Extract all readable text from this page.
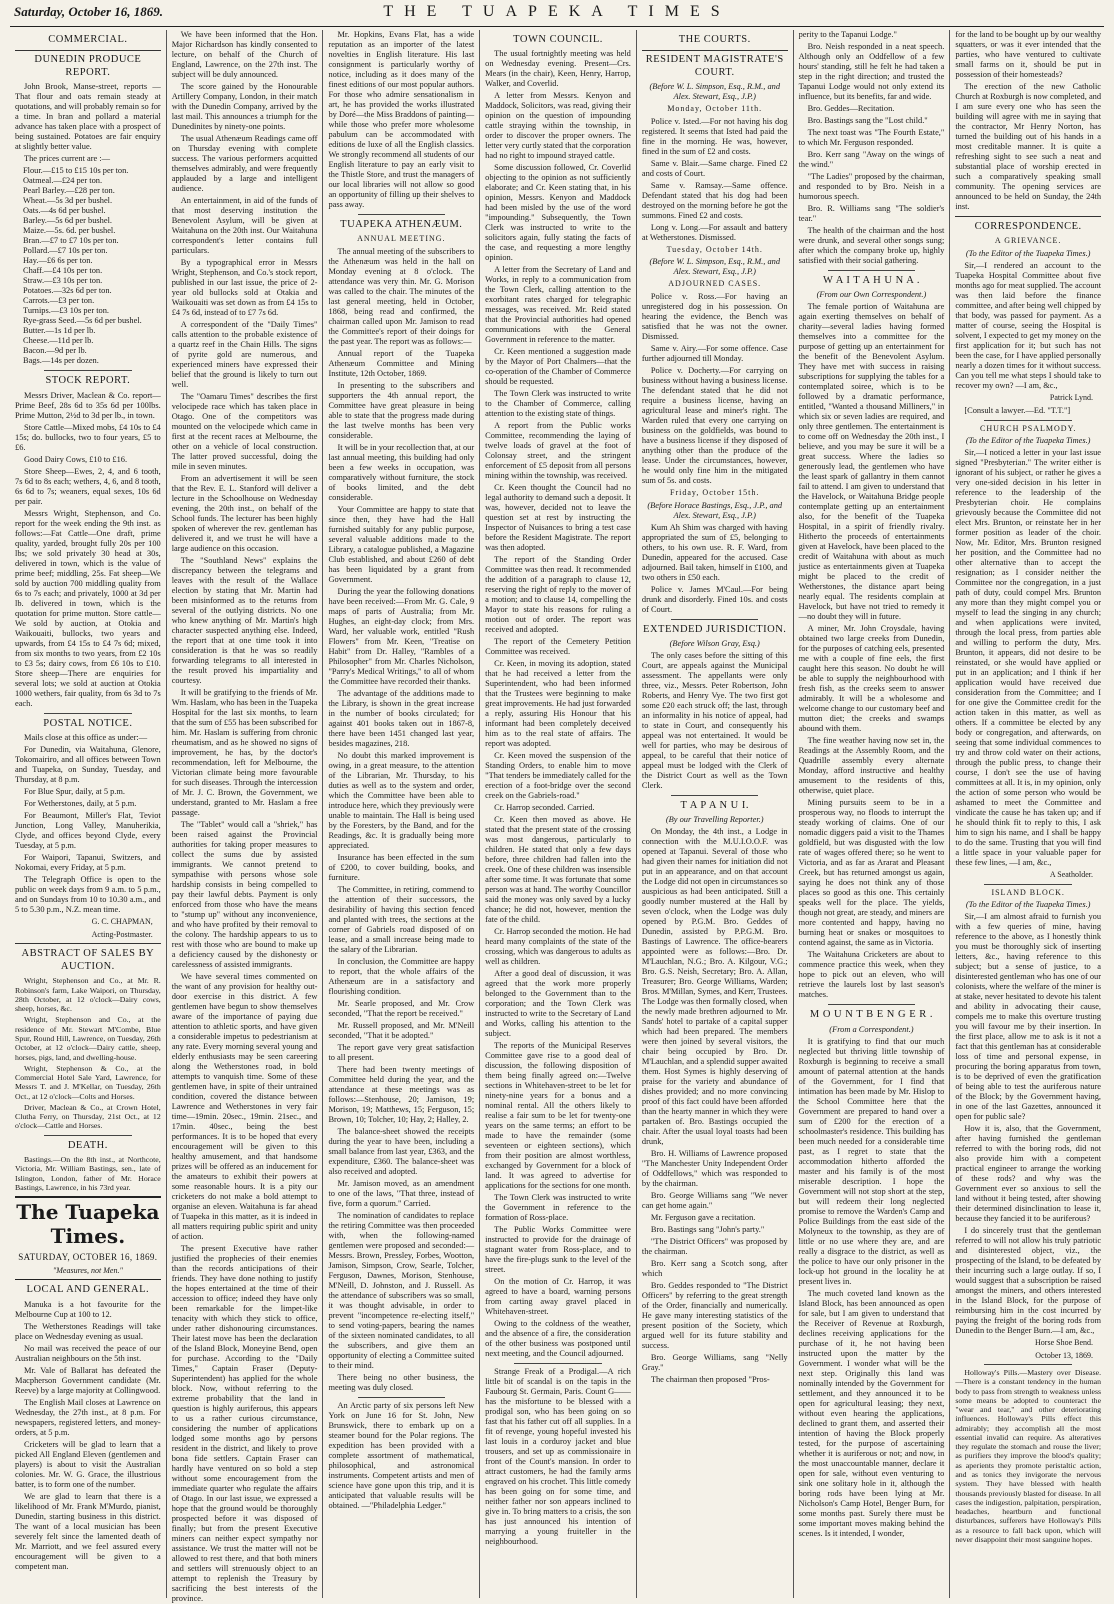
Saturday, October 16, 1869.	THE TUAPEKA TIMES
COMMERCIAL.
DUNEDIN PRODUCE REPORT.

John Brook, Manse-street, reports — That flour and oats remain steady at quotations, and will probably remain so for a time. In bran and pollard a material advance has taken place with a prospect of being sustained. Potatoes are fair enquiry at slightly better value.

The prices current are :—

Flour.—£15 to £15 10s per ton.

Oatmeal.—£24 per ton.

Pearl Barley.—£28 per ton.

Wheat.—5s 3d per bushel.

Oats.—4s 6d per bushel.

Barley.—5s 6d per bushel.

Maize.—5s. 6d. per bushel.

Bran.—£7 to £7 10s per ton.

Pollard.—£7 10s per ton.

Hay.—£6 6s per ton.

Chaff.—£4 10s per ton.

Straw.—£3 10s per ton.

Potatoes.—32s 6d per ton.

Carrots.—£3 per ton.

Turnips.—£3 10s per ton.

Rye-grass Seed.—5s 6d per bushel.

Butter.—1s 1d per lb.

Cheese.—11d per lb.

Bacon.—9d per lb.

Bags.—14s per dozen.

STOCK REPORT.

Messrs Driver, Maclean & Co. report—Prime Beef, 28s 6d to 35s 6d per 100lbs. Prime Mutton, 2½d to 3d per lb., in town.

Store Cattle—Mixed mobs, £4 10s to £4 15s; do. bullocks, two to four years, £5 to £6.

Good Dairy Cows, £10 to £16.

Store Sheep—Ewes, 2, 4, and 6 tooth, 7s 6d to 8s each; wethers, 4, 6, and 8 tooth, 6s 6d to 7s; weaners, equal sexes, 10s 6d per pair.

Messrs Wright, Stephenson, and Co. report for the week ending the 9th inst. as follows:—Fat Cattle—One draft, prime quality, yarded, brought fully 20s per 100 lbs; we sold privately 30 head at 30s, delivered in town, which is the value of prime beef; middling, 25s. Fat sheep—We sold by auction 700 middling quality from 6s to 7s each; and privately, 1000 at 3d per lb. delivered in town, which is the quotation for prime mutton. Store cattle—We sold by auction, at Otokia and Waikouaiti, bullocks, two years and upwards, from £4 15s to £4 7s 6d; mixed, from six months to two years, from £2 10s to £3 5s; dairy cows, from £6 10s to £10. Store sheep—There are enquiries for several lots; we sold at auction at Otokia 1000 wethers, fair quality, from 6s 3d to 7s each.

POSTAL NOTICE.

Mails close at this office as under:—

For Dunedin, via Waitahuna, Glenore, Tokomairiro, and all offices between Town and Tuapeka, on Sunday, Tuesday, and Thursday, at 8 p.m.

For Blue Spur, daily, at 5 p.m.

For Wetherstones, daily, at 5 p.m.

For Beaumont, Miller's Flat, Teviot Junction, Long Valley, Manuherikia, Clyde, and offices beyond Clyde, every Tuesday, at 5 p.m.

For Waipori, Tapanui, Switzers, and Nokomai, every Friday, at 5 p.m.

The Telegraph Office is open to the public on week days from 9 a.m. to 5 p.m., and on Sundays from 10 to 10.30 a.m., and 5 to 5.30 p.m., N.Z. mean time.

G. C. CHAPMAN,
Acting-Postmaster.
ABSTRACT OF SALES BY AUCTION.

Wright, Stephenson and Co., at Mr. R. Robinson's farm, Lake Waipori, on Thursday, 28th October, at 12 o'clock—Dairy cows, sheep, horses, &c.

Wright, Stephenson and Co., at the residence of Mr. Stewart M'Combe, Blue Spur, Round Hill, Lawrence, on Tuesday, 26th October, at 12 o'clock—Dairy cattle, sheep, horses, pigs, land, and dwelling-house.

Wright, Stephenson & Co., at the Commercial Hotel Sale Yard, Lawrence, for Messrs T. and J. M'Kellar, on Tuesday, 26th Oct., at 12 o'clock—Colts and Horses.

Driver, Maclean & Co., at Crown Hotel, Clutha Ferry, on Thursday, 21st Oct., at 12 o'clock—Cattle and Horses.

DEATH.

Bastings.—On the 8th inst., at Northcote, Victoria, Mr. William Bastings, sen., late of Islington, London, father of Mr. Horace Bastings, Lawrence, in his 73rd year.

The Tuapeka Times.
SATURDAY, OCTOBER 16, 1869.
"Measures, not Men."
LOCAL AND GENERAL.

Manuka is a hot favourite for the Melbourne Cup at 100 to 12.

The Wetherstones Readings will take place on Wednesday evening as usual.

No mail was received the peace of our Australian neighbours on the 5th inst.

Mr. Vale of Ballarat has defeated the Macpherson Government candidate (Mr. Reeve) by a large majority at Collingwood.

The English Mail closes at Lawrence on Wednesday, the 27th inst., at 8 p.m. For newspapers, registered letters, and money-orders, at 5 p.m.

Cricketers will be glad to learn that a picked All England Eleven (gentlemen and players) is about to visit the Australian colonies. Mr. W. G. Grace, the illustrious batter, is to form one of the number.

We are glad to learn that there is a likelihood of Mr. Frank M'Murdo, pianist, Dunedin, starting business in this district. The want of a local musician has been severely felt since the lamented death of Mr. Marriott, and we feel assured every encouragement will be given to a competent man.

We have been informed that the Hon. Major Richardson has kindly consented to lecture, on behalf of the Church of England, Lawrence, on the 27th inst. The subject will be duly announced.

The score gained by the Honourable Artillery Company, London, in their match with the Dunedin Company, arrived by the last mail. This announces a triumph for the Dunedinites by ninety-one points.

The usual Athenæum Readings came off on Thursday evening with complete success. The various performers acquitted themselves admirably, and were frequently applauded by a large and intelligent audience.

An entertainment, in aid of the funds of that most deserving institution the Benevolent Asylum, will be given at Waitahuna on the 20th inst. Our Waitahuna correspondent's letter contains full particulars.

By a typographical error in Messrs Wright, Stephenson, and Co.'s stock report, published in our last issue, the price of 2-year old bullocks sold at Otakia and Waikouaiti was set down as from £4 15s to £4 7s 6d, instead of to £7 7s 6d.

A correspondent of the "Daily Times" calls attention to the probable existence of a quartz reef in the Chain Hills. The signs of pyrite gold are numerous, and experienced miners have expressed their belief that the ground is likely to turn out well.

The "Oamaru Times" describes the first velocipede race which has taken place in Otago. One of the competitors was mounted on the velocipede which came in first at the recent races at Melbourne, the other on a vehicle of local construction. The latter proved successful, doing the mile in seven minutes.

From an advertisement it will be seen that the Rev. E. L. Stanford will deliver a lecture in the Schoolhouse on Wednesday evening, the 20th inst., on behalf of the School funds. The lecturer has been highly spoken of wherever the rev. gentleman has delivered it, and we trust he will have a large audience on this occasion.

The "Southland News" explains the discrepancy between the telegrams and leaves with the result of the Wallace election by stating that Mr. Martin had been misinformed as to the returns from several of the outlying districts. No one who knew anything of Mr. Martin's high character suspected anything else. Indeed, the report that at one time took it into consideration is that he was so readily forwarding telegrams to all interested in the result proved his impartiality and courtesy.

It will be gratifying to the friends of Mr. Wm. Haslam, who has been in the Tuapeka Hospital for the last six months, to learn that the sum of £55 has been subscribed for him. Mr. Haslam is suffering from chronic rheumatism, and as he showed no signs of improvement, he has, by the doctor's recommendation, left for Melbourne, the Victorian climate being more favourable for such diseases. Through the intercession of Mr. J. C. Brown, the Government, we understand, granted to Mr. Haslam a free passage.

The "Tablet" would call a "shriek," has been raised against the Provincial authorities for taking proper measures to collect the sums due by assisted immigrants. We cannot pretend to sympathise with persons whose sole hardship consists in being compelled to pay their lawful debts. Payment is only enforced from those who have the means to "stump up" without any inconvenience, and who have profited by their removal to the colony. The hardship appears to us to rest with those who are bound to make up a deficiency caused by the dishonesty or carelessness of assisted immigrants.

We have several times commented on the want of any provision for healthy out-door exercise in this district. A few gentlemen have begun to show themselves aware of the importance of paying due attention to athletic sports, and have given a considerable impetus to pedestrianism at any rate. Every morning several young and elderly enthusiasts may be seen careering along the Wetherstones road, in bold attempts to vanquish time. Some of these gentlemen have, in spite of their untrained condition, covered the distance between Lawrence and Wetherstones in very fair time—19min. 20sec., 19min. 21sec., and 17min. 40sec., being the best performances. It is to be hoped that every encouragement will be given to this healthy amusement, and that handsome prizes will be offered as an inducement for the amateurs to exhibit their powers at some reasonable hours. It is a pity our cricketers do not make a bold attempt to organise an eleven. Waitahuna is far ahead of Tuapeka in this matter, as it is indeed in all matters requiring public spirit and unity of action.

The present Executive have rather justified the prophecies of their enemies than the records anticipations of their friends. They have done nothing to justify the hopes entertained at the time of their accession to office; indeed they have only been remarkable for the limpet-like tenacity with which they stick to office, under rather dishonouring circumstances. Their latest move has been the declaration of the Island Block, Moneyine Bend, open for purchase. According to the "Daily Times," Captain Fraser (Deputy-Superintendent) has applied for the whole block. Now, without referring to the extreme probability that the land in question is highly auriferous, this appears to us a rather curious circumstance, considering the number of applications lodged some months ago by persons resident in the district, and likely to prove bona fide settlers. Captain Fraser can hardly have ventured on so bold a step without some encouragement from the immediate quarter who regulate the affairs of Otago. In our last issue, we expressed a hope that the ground would be thoroughly prospected before it was disposed of finally; but from the present Executive miners can neither expect sympathy nor assistance. We trust the matter will not be allowed to rest there, and that both miners and settlers will strenuously object to an attempt to replenish the Treasury by sacrificing the best interests of the province.

Mr. Hopkins, Evans Flat, has a wide reputation as an importer of the latest novelties in English literature. His last consignment is particularly worthy of notice, including as it does many of the finest editions of our most popular authors. For those who admire sensationalism in art, he has provided the works illustrated by Doré—the Miss Braddons of painting—while those who prefer more wholesome pabulum can be accommodated with editions de luxe of all the English classics. We strongly recommend all students of our English literature to pay an early visit to the Thistle Store, and trust the managers of our local libraries will not allow so good an opportunity of filling up their shelves to pass away.

TUAPEKA ATHENÆUM.
ANNUAL MEETING.

The annual meeting of the subscribers to the Athenæum was held in the hall on Monday evening at 8 o'clock. The attendance was very thin. Mr. G. Morison was called to the chair. The minutes of the last general meeting, held in October, 1868, being read and confirmed, the chairman called upon Mr. Jamison to read the Committee's report of their doings for the past year. The report was as follows:—

Annual report of the Tuapeka Athenæum Committee and Mining Institute, 12th October, 1869.

In presenting to the subscribers and supporters the 4th annual report, the Committee have great pleasure in being able to state that the progress made during the last twelve months has been very considerable.

It will be in your recollection that, at our last annual meeting, this building had only been a few weeks in occupation, was comparatively without furniture, the stock of books limited, and the debt considerable.

Your Committee are happy to state that since then, they have had the Hall furnished suitably for any public purpose, several valuable additions made to the Library, a catalogue published, a Magazine Club established, and about £260 of debt has been liquidated by a grant from Government.

During the year the following donations have been received:—From Mr. G. Cale, 9 maps of parts of Australia; from Mr. Hughes, an eight-day clock; from Mrs. Ward, her valuable work, entitled "Rush Flowers" from Mr. Keen, "Treatise on Habit" from Dr. Halley, "Rambles of a Philosopher" from Mr. Charles Nicholson, "Parry's Medical Writings," to all of whom the Committee have recorded their thanks.

The advantage of the additions made to the Library, is shown in the great increase in the number of books circulated; for against 401 books taken out in 1867-8, there have been 1451 changed last year, besides magazines, 218.

No doubt this marked improvement is owing, in a great measure, to the attention of the Librarian, Mr. Thursday, to his duties as well as to the system and order, which the Committee have been able to introduce here, which they previously were unable to maintain. The Hall is being used by the Foresters, by the Band, and for the Readings, &c. It is gradually being more appreciated.

Insurance has been effected in the sum of £200, to cover building, books, and furniture.

The Committee, in retiring, commend to the attention of their successors, the desirability of having this section fenced and planted with trees, the sections at the corner of Gabriels road disposed of on lease, and a small increase being made to the salary of the Librarian.

In conclusion, the Committee are happy to report, that the whole affairs of the Athenæum are in a satisfactory and flourishing condition.

Mr. Searle proposed, and Mr. Crow seconded, "That the report be received."

Mr. Russell proposed, and Mr. M'Neill seconded, "That it be adopted."

The report gave very great satisfaction to all present.

There had been twenty meetings of Committee held during the year, and the attendance at these meetings was as follows:—Stenhouse, 20; Jamison, 19; Morison, 19; Matthews, 15; Ferguson, 15; Brown, 10; Tolcher, 10; Hay, 2; Halley, 2.

The balance-sheet showed the receipts during the year to have been, including a small balance from last year, £363, and the expenditure, £360. The balance-sheet was also received and adopted.

Mr. Jamison moved, as an amendment to one of the laws, "That three, instead of five, form a quorum." Carried.

The nomination of candidates to replace the retiring Committee was then proceeded with, when the following-named gentlemen were proposed and seconded:—Messrs. Brown, Pressley, Forbes, Wootton, Jamison, Simpson, Crow, Searle, Tolcher, Ferguson, Dawnes, Morison, Stenhouse, M'Neill, D. Johnston, and J. Russell. As the attendance of subscribers was so small, it was thought advisable, in order to prevent "incompetence re-electing itself," to send voting-papers, bearing the names of the sixteen nominated candidates, to all the subscribers, and give them an opportunity of electing a Committee suited to their mind.

There being no other business, the meeting was duly closed.

An Arctic party of six persons left New York on June 16 for St. John, New Brunswick, there to embark up on a steamer bound for the Polar regions. The expedition has been provided with a complete assortment of mathematical, philosophical, and astronomical instruments. Competent artists and men of science have gone upon this trip, and it is anticipated that valuable results will be obtained. —"Philadelphia Ledger."

TOWN COUNCIL.

The usual fortnightly meeting was held on Wednesday evening. Present—Crs. Mears (in the chair), Keen, Henry, Harrop, Walker, and Coverlid.

A letter from Messrs. Kenyon and Maddock, Solicitors, was read, giving their opinion on the question of impounding cattle straying within the township, in order to discover the proper owners. The letter very curtly stated that the corporation had no right to impound strayed cattle.

Some discussion followed, Cr. Coverlid objecting to the opinion as not sufficiently elaborate; and Cr. Keen stating that, in his opinion, Messrs. Kenyon and Maddock had been misled by the use of the word "impounding." Subsequently, the Town Clerk was instructed to write to the solicitors again, fully stating the facts of the case, and requesting a more lengthy opinion.

A letter from the Secretary of Land and Works, in reply to a communication from the Town Clerk, calling attention to the exorbitant rates charged for telegraphic messages, was received. Mr. Reid stated that the Provincial authorities had opened communications with the General Government in reference to the matter.

Cr. Keen mentioned a suggestion made by the Mayor of Port Chalmers—that the co-operation of the Chamber of Commerce should be requested.

The Town Clerk was instructed to write to the Chamber of Commerce, calling attention to the existing state of things.

A report from the Public works Committee, recommending the laying of twelve loads of gravel at the foot of Colonsay street, and the stringent enforcement of £5 deposit from all persons mining within the township, was received.

Cr. Keen thought the Council had no legal authority to demand such a deposit. It was, however, decided not to leave the question set at rest by instructing the Inspector of Nuisances to bring a test case before the Resident Magistrate. The report was then adopted.

The report of the Standing Order Committee was then read. It recommended the addition of a paragraph to clause 12, reserving the right of reply to the mover of a motion; and to clause 14, compelling the Mayor to state his reasons for ruling a motion out of order. The report was received and adopted.

The report of the Cemetery Petition Committee was received.

Cr. Keen, in moving its adoption, stated that he had received a letter from the Superintendent, who had been informed that the Trustees were beginning to make great improvements. He had just forwarded a reply, assuring His Honour that his informant had been completely deceived him as to the real state of affairs. The report was adopted.

Cr. Keen moved the suspension of the Standing Orders, to enable him to move "That tenders be immediately called for the erection of a foot-bridge over the second creek on the Gabriels-road."

Cr. Harrop seconded. Carried.

Cr. Keen then moved as above. He stated that the present state of the crossing was most dangerous, particularly to children. He stated that only a few days before, three children had fallen into the creek. One of these children was insensible after some time. It was fortunate that some person was at hand. The worthy Councillor said the money was only saved by a lucky chance; he did not, however, mention the fate of the child.

Cr. Harrop seconded the motion. He had heard many complaints of the state of the crossing, which was dangerous to adults as well as children.

After a good deal of discussion, it was agreed that the work more properly belonged to the Government than to the corporation; and the Town Clerk was instructed to write to the Secretary of Land and Works, calling his attention to the subject.

The reports of the Municipal Reserves Committee gave rise to a good deal of discussion, the following disposition of them being finally agreed on:—Twelve sections in Whitehaven-street to be let for ninety-nine years for a bonus and a nominal rental. All the others likely to realise a fair sum to be let for twenty-one years on the same terms; an effort to be made to have the remainder (some seventeen or eighteen sections), which from their position are almost worthless, exchanged by Government for a block of land. It was agreed to advertise for applications for the sections for one month.

The Town Clerk was instructed to write the Government in reference to the formation of Ross-place.

The Public Works Committee were instructed to provide for the drainage of stagnant water from Ross-place, and to have the fire-plugs sunk to the level of the street.

On the motion of Cr. Harrop, it was agreed to have a board, warning persons from carting away gravel placed in Whitehaven-street.

Owing to the coldness of the weather, and the absence of a fire, the consideration of the other business was postponed until next meeting, and the Council adjourned.

Strange Freak of a Prodigal.—A rich little bit of scandal is on the tapis in the Faubourg St. Germain, Paris. Count G—— has the misfortune to be blessed with a prodigal son, who has been going on so fast that his father cut off all supplies. In a fit of revenge, young hopeful invested his last louis in a corduroy jacket and blue trousers, and set up as commissionaire in front of the Count's mansion. In order to attract customers, he had the family arms engraved on his crochet. This little comedy has been going on for some time, and neither father nor son appears inclined to give in. To bring matters to a crisis, the son has just announced his intention of marrying a young fruiteller in the neighbourhood.

THE COURTS.
RESIDENT MAGISTRATE'S COURT.
(Before W. L. Simpson, Esq., R.M., and Alex. Stewart, Esq., J.P.)
Monday, October 11th.

Police v. Isted.—For not having his dog registered. It seems that Isted had paid the fine in the morning. He was, however, fined in the sum of £2 and costs.

Same v. Blair.—Same charge. Fined £2 and costs of Court.

Same v. Ramsay.—Same offence. Defendant stated that his dog had been destroyed on the morning before he got the summons. Fined £2 and costs.

Long v. Long.—For assault and battery at Wetherstones. Dismissed.

Tuesday, October 14th.
(Before W. L. Simpson, Esq., R.M., and Alex. Stewart, Esq., J.P.)
ADJOURNED CASES.

Police v. Ross.—For having an unregistered dog in his possession. On hearing the evidence, the Bench was satisfied that he was not the owner. Dismissed.

Same v. Airy.—For some offence. Case further adjourned till Monday.

Police v. Docherty.—For carrying on business without having a business license. The defendant stated that he did not require a business license, having an agricultural lease and miner's right. The Warden ruled that every one carrying on business on the goldfields, was bound to have a business license if they disposed of anything other than the produce of the lease. Under the circumstances, however, he would only fine him in the mitigated sum of 5s. and costs.

Friday, October 15th.
(Before Horace Bastings, Esq., J.P., and Alex. Stewart, Esq., J.P.)

Kum Ah Shim was charged with having appropriated the sum of £5, belonging to others, to his own use. R. F. Ward, from Dunedin, appeared for the accused. Case adjourned. Bail taken, himself in £100, and two others in £50 each.

Police v. James M'Caul.—For being drunk and disorderly. Fined 10s. and costs of Court.

EXTENDED JURISDICTION.
(Before Wilson Gray, Esq.)

The only cases before the sitting of this Court, are appeals against the Municipal assessment. The appellants were only three, viz., Messrs. Peter Robertson, John Roberts, and Henry Vye. The two first got some £20 each struck off; the last, through an informality in his notice of appeal, had to state in Court, and consequently his appeal was not entertained. It would be well for parties, who may be desirous of appeal, to be careful that their notice of appeal must be lodged with the Clerk of the District Court as well as the Town Clerk.

T A P A N U I.
(By our Travelling Reporter.)

On Monday, the 4th inst., a Lodge in connection with the M.U.I.O.O.F. was opened at Tapanui. Several of those who had given their names for initiation did not put in an appearance, and on that account the Lodge did not open in circumstances so auspicious as had been anticipated. Still a goodly number mustered at the Hall by seven o'clock, when the Lodge was duly opened by P.G.M. Bro. Geddes of Dunedin, assisted by P.P.G.M. Bro. Bastings of Lawrence. The office-bearers appointed were as follows:—Bro. Dr. M'Lauchlan, N.G.; Bro. A. Kilgour, V.G.; Bro. G.S. Neish, Secretary; Bro. A. Allan, Treasurer; Bro. George Williams, Warden; Bros. M'Millan, Symes, and Kerr, Trustees. The Lodge was then formally closed, when the newly made brethren adjourned to Mr. Sands' hotel to partake of a capital supper which had been prepared. The members were then joined by several visitors, the chair being occupied by Bro. Dr. M'Lauchlan, and a splendid supper awaited them. Host Symes is highly deserving of praise for the variety and abundance of dishes provided; and no more convincing proof of this fact could have been afforded than the hearty manner in which they were partaken of. Bro. Bastings occupied the chair. After the usual loyal toasts had been drunk,

Bro. H. Williams of Lawrence proposed "The Manchester Unity Independent Order of Oddfellows," which was responded to by the chairman.

Bro. George Williams sang "We never can get home again."

Mr. Ferguson gave a recitation.

Bro. Bastings sang "John's party."

"The District Officers" was proposed by the chairman.

Bro. Kerr sang a Scotch song, after which

Bro. Geddes responded to "The District Officers" by referring to the great strength of the Order, financially and numerically. He gave many interesting statistics of the present position of the Society, which argued well for its future stability and success.

Bro. George Williams, sang "Nelly Gray."

The chairman then proposed "Pros-

perity to the Tapanui Lodge."

Bro. Neish responded in a neat speech. Although only an Oddfellow of a few hours' standing, still he felt he had taken a step in the right direction; and trusted the Tapanui Lodge would not only extend its influence, but its benefits, far and wide.

Bro. Geddes—Recitation.

Bro. Bastings sang the "Lost child."

The next toast was "The Fourth Estate," to which Mr. Ferguson responded.

Bro. Kerr sang "Away on the wings of the wind."

"The Ladies" proposed by the chairman, and responded to by Bro. Neish in a humorous speech.

Bro. R. Williams sang "The soldier's tear."

The health of the chairman and the host were drunk, and several other songs sung; after which the company broke up, highly satisfied with their social gathering.

W A I T A H U N A .
(From our Own Correspondent.)

The female portion of Waitahuna are again exerting themselves on behalf of charity—several ladies having formed themselves into a committee for the purpose of getting up an entertainment for the benefit of the Benevolent Asylum. They have met with success in raising subscriptions for supplying the tables for a contemplated soiree, which is to be followed by a dramatic performance, entitled, "Wanted a thousand Milliners," in which six or seven ladies are required, and only three gentlemen. The entertainment is to come off on Wednesday the 20th inst., I believe, and you may be sure it will be a great success. Where the ladies so generously lead, the gentlemen who have the least spark of gallantry in them cannot fail to attend. I am given to understand that the Havelock, or Waitahuna Bridge people contemplate getting up an entertainment also, for the benefit of the Tuapeka Hospital, in a spirit of friendly rivalry. Hitherto the proceeds of entertainments given at Havelock, have been placed to the credit of Waitahuna with about as much justice as entertainments given at Tuapeka might be placed to the credit of Wetherstones, the distance apart being nearly equal. The residents complain at Havelock, but have not tried to remedy it—no doubt they will in future.

A miner, Mr. John Croysdale, having obtained two large creeks from Dunedin, for the purposes of catching eels, presented me with a couple of fine eels, the first caught here this season. No doubt he will be able to supply the neighbourhood with fresh fish, as the creeks seem to answer admirably. It will be a wholesome and welcome change to our customary beef and mutton diet; the creeks and swamps abound with them.

The fine weather having now set in, the Readings at the Assembly Room, and the Quadrille assembly every alternate Monday, afford instructive and healthy amusement to the residents of this, otherwise, quiet place.

Mining pursuits seem to be in a prosperous way, no floods to interrupt the steady working of claims. One of our nomadic diggers paid a visit to the Thames goldfield, but was disgusted with the low rate of wages offered there; so he went to Victoria, and as far as Ararat and Pleasant Creek, but has returned amongst us again, saying he does not think any of those places so good as this one. This certainly speaks well for the place. The yields, though not great, are steady, and miners are more contented and happy, having no burning heat or snakes or mosquitoes to contend against, the same as in Victoria.

The Waitahuna Cricketers are about to commence practice this week, when they hope to pick out an eleven, who will retrieve the laurels lost by last season's matches.

M O U N T B E N G E R .
(From a Correspondent.)

It is gratifying to find that our much neglected but thriving little township of Roxburgh is beginning to receive a small amount of paternal attention at the hands of the Government, for I find that intimation has been made by Mr. Hislop to the School Committee here that the Government are prepared to hand over a sum of £200 for the erection of a schoolmaster's residence. This building has been much needed for a considerable time past, as I regret to state that the accommodation hitherto afforded the master and his family is of the most miserable description. I hope the Government will not stop short at the step, but will redeem their long neglected promise to remove the Warden's Camp and Police Buildings from the east side of the Molyneux to the township, as they are of little or no use where they are, and are really a disgrace to the district, as well as the police to have our only prisoner in the lock-up hot ground in the locality he at present lives in.

The much coveted land known as the Island Block, has been announced as open for sale, but I am given to understand that the Receiver of Revenue at Roxburgh, declines receiving applications for the purchase of it, he not having been instructed upon the matter by the Government. I wonder what will be the next step. Originally this land was nominally intended by the Government for settlement, and they announced it to be open for agricultural leasing; they next, without even hearing the applications, declined to grant them, and asserted their intention of having the Block properly tested, for the purpose of ascertaining whether it is auriferous or not; and now, in the most unaccountable manner, declare it open for sale, without even venturing to sink one solitary hole in it, although the boring rods have been lying at Mr. Nicholson's Camp Hotel, Benger Burn, for some months past. Surely there must be some important moves making behind the scenes. Is it intended, I wonder,

for the land to be bought up by our wealthy squatters, or was it ever intended that the parties, who have ventured to cultivate small farms on it, should be put in possession of their homesteads?

The erection of the new Catholic Church at Roxburgh is now completed, and I am sure every one who has seen the building will agree with me in saying that the contractor, Mr Henry Norton, has turned the building out of his hands in a most creditable manner. It is quite a refreshing sight to see such a neat and substantial place of worship erected in such a comparatively speaking small community. The opening services are announced to be held on Sunday, the 24th inst.

CORRESPONDENCE.
A GRIEVANCE.
(To the Editor of the Tuapeka Times.)

Sir,—I rendered an account to the Tuapeka Hospital Committee about five months ago for meat supplied. The account was then laid before the finance committee, and after being well chipped by that body, was passed for payment. As a matter of course, seeing the Hospital is solvent, I expected to get my money on the first application for it; but such has not been the case, for I have applied personally nearly a dozen times for it without success. Can you tell me what steps I should take to recover my own? —I am, &c.,

Patrick Lynd.

[Consult a lawyer.—Ed. "T.T."]

CHURCH PSALMODY.
(To the Editor of the Tuapeka Times.)

Sir,—I noticed a letter in your last issue signed "Presbyterian." The writer either is ignorant of his subject, or rather he gives a very one-sided decision in his letter in reference to the leadership of the Presbyterian choir. He complains grievously because the Committee did not elect Mrs. Brunton, or reinstate her in her former position as leader of the choir. Now, Mr. Editor, Mrs. Brunton resigned her position, and the Committee had no other alternative than to accept the resignation; as I consider neither the Committee nor the congregation, in a just path of duty, could compel Mrs. Brunton any more than they might compel you or myself to lead the singing in any church; and when applications were invited, through the local press, from parties able and willing to perform the duty, Mrs. Brunton, it appears, did not desire to be reinstated, or she would have applied or put in an application; and I think if her application would have received due consideration from the Committee; and I for one give the Committee credit for the action taken in this matter, as well as others. If a committee be elected by any body or congregation, and afterwards, on seeing that some individual commences to try and throw cold water on their actions, through the public press, to change their course, I don't see the use of having committees at all. It is, in my opinion, only the action of some person who would be ashamed to meet the Committee and vindicate the cause he has taken up; and if he should think fit to reply to this, I ask him to sign his name, and I shall be happy to do the same. Trusting that you will find a little space in your valuable paper for these few lines, —I am, &c.,

A Seatholder.
ISLAND BLOCK.
(To the Editor of the Tuapeka Times.)

Sir,—I am almost afraid to furnish you with a few queries of mine, having reference to the above, as I honestly think you must be thoroughly sick of inserting letters, &c., having reference to this subject; but a sense of justice, to a disinterested gentleman who has one of our colonists, where the welfare of the miner is at stake, never hesitated to devote his talent and ability in advocating their cause, compels me to make this overture trusting you will favour me by their insertion. In the first place, allow me to ask is it not a fact that this gentleman has at considerable loss of time and personal expense, in procuring the boring apparatus from town, is to be deprived of even the gratification of being able to test the auriferous nature of the Block; by the Government having, in one of the last Gazettes, announced it open for public sale?

How it is, also, that the Government, after having furnished the gentleman referred to with the boring rods, did not also provide him with a competent practical engineer to arrange the working of these rods? and why was the Government ever so anxious to sell the land without it being tested, after showing their determined disinclination to lease it, because they fancied it to be auriferous?

I do sincerely trust that the gentleman referred to will not allow his truly patriotic and disinterested object, viz., the prospecting of the Island, to be defeated by their incurring such a large outlay. If so, I would suggest that a subscription be raised amongst the miners, and others interested in the Island Block, for the purpose of reimbursing him in the cost incurred by paying the freight of the boring rods from Dunedin to the Benger Burn.—I am, &c.,

Horse Shoe Bend.
October 13, 1869.

Holloway's Pills.—Mastery over Disease.—There is a constant tendency in the human body to pass from strength to weakness unless some means be adopted to counteract the "wear and tear," and other deteriorating influences. Holloway's Pills effect this admirably; they accomplish all the most essential invalid can require. As alteratives they regulate the stomach and rouse the liver; as purifiers they improve the blood's quality; as aperients they promote peristaltic action, and as tonics they invigorate the nervous system. They have blessed with health thousands previously blasted for disease. In all cases the indigestion, palpitation, perspiration, headaches, heartburn and functional disturbances, sufferers have Holloway's Pills as a resource to fall back upon, which will never disappoint their most sanguine hopes.
